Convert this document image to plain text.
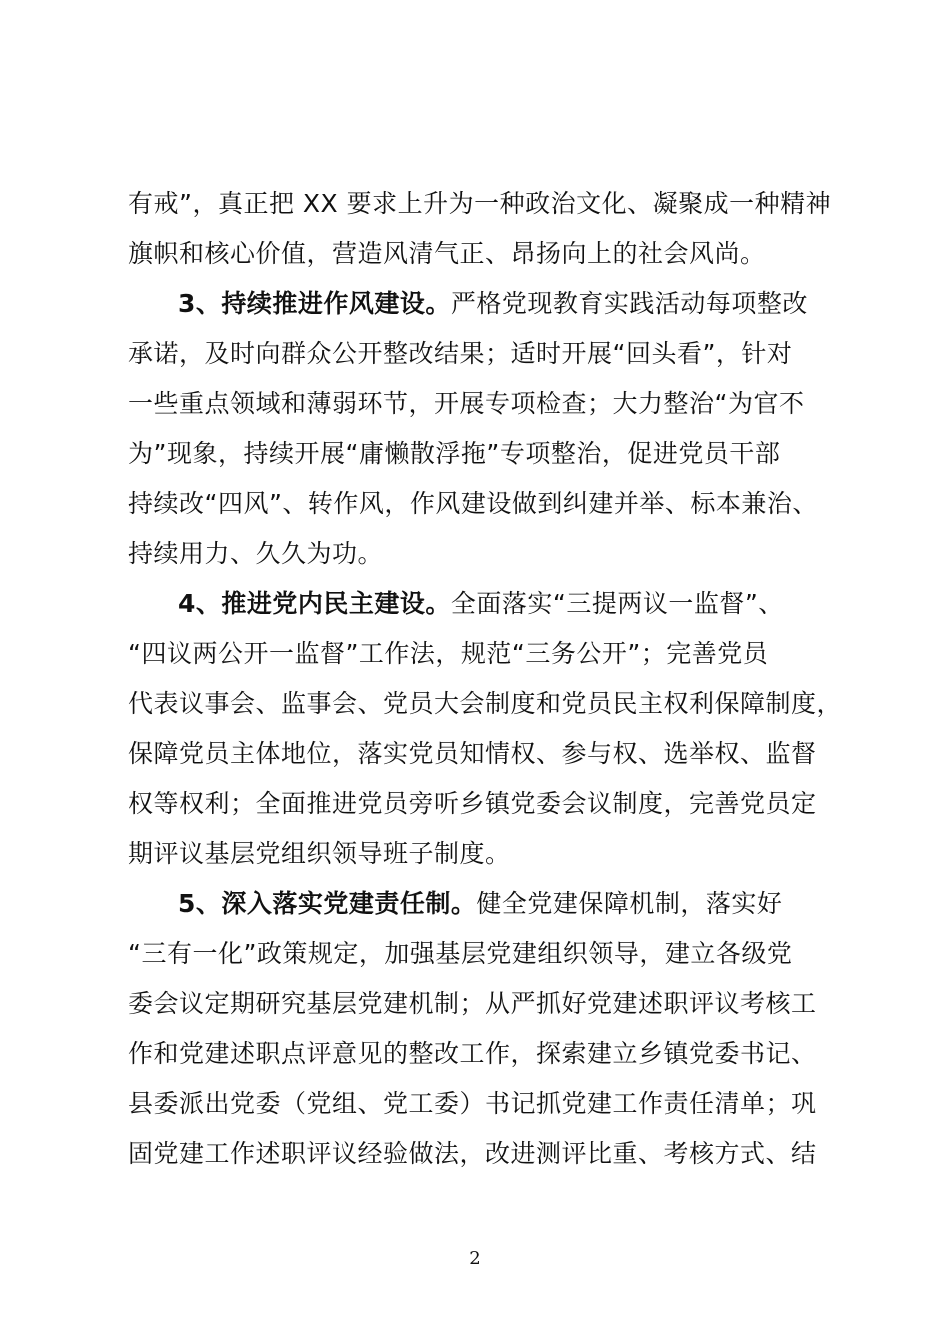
有戒”，真正把 XX 要求上升为一种政治文化、凝聚成一种精神
旗帜和核心价值，营造风清气正、昂扬向上的社会风尚。
3、持续推进作风建设。严格党现教育实践活动每项整改
承诺，及时向群众公开整改结果；适时开展“回头看”，针对
一些重点领域和薄弱环节，开展专项检查；大力整治“为官不
为”现象，持续开展“庸懒散浮拖”专项整治，促进党员干部
持续改“四风”、转作风，作风建设做到纠建并举、标本兼治、
持续用力、久久为功。
4、推进党内民主建设。全面落实“三提两议一监督”、
“四议两公开一监督”工作法，规范“三务公开”；完善党员
代表议事会、监事会、党员大会制度和党员民主权利保障制度，
保障党员主体地位，落实党员知情权、参与权、选举权、监督
权等权利；全面推进党员旁听乡镇党委会议制度，完善党员定
期评议基层党组织领导班子制度。
5、深入落实党建责任制。健全党建保障机制，落实好
“三有一化”政策规定，加强基层党建组织领导，建立各级党
委会议定期研究基层党建机制；从严抓好党建述职评议考核工
作和党建述职点评意见的整改工作，探索建立乡镇党委书记、
县委派出党委（党组、党工委）书记抓党建工作责任清单；巩
固党建工作述职评议经验做法，改进测评比重、考核方式、结
2
